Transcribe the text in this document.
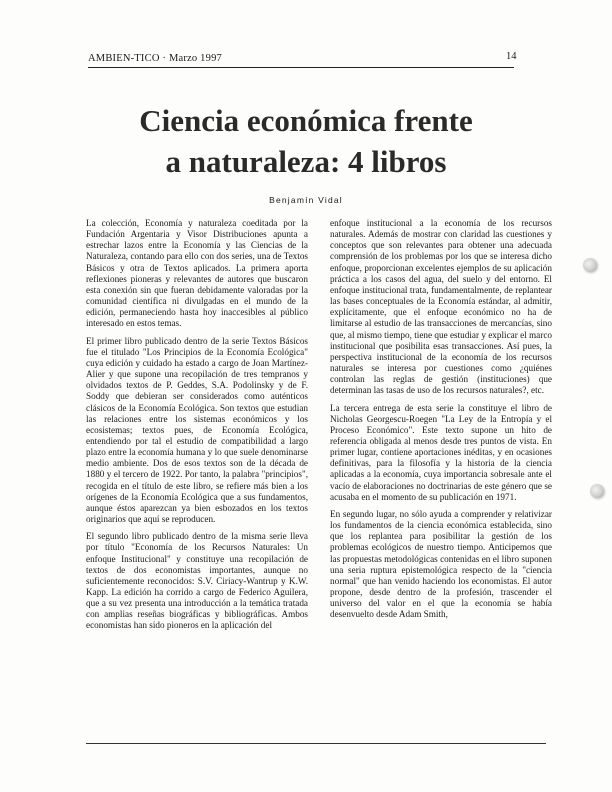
AMBIEN-TICO · Marzo 1997	14
Ciencia económica frente
a naturaleza: 4 libros
Benjamín Vidal

La colección, Economía y naturaleza coeditada por la Fundación Argentaria y Visor Distribuciones apunta a estrechar lazos entre la Economía y las Ciencias de la Naturaleza, contando para ello con dos series, una de Textos Básicos y otra de Textos aplicados. La primera aporta reflexiones pioneras y relevantes de autores que buscaron esta conexión sin que fueran debidamente valoradas por la comunidad científica ni divulgadas en el mundo de la edición, permaneciendo hasta hoy inaccesibles al público interesado en estos temas.

El primer libro publicado dentro de la serie Textos Básicos fue el titulado "Los Principios de la Economía Ecológica" cuya edición y cuidado ha estado a cargo de Joan Martínez-Alier y que supone una recopilación de tres tempranos y olvidados textos de P. Geddes, S.A. Podolinsky y de F. Soddy que debieran ser considerados como auténticos clásicos de la Economía Ecológica. Son textos que estudian las relaciones entre los sistemas económicos y los ecosistemas; textos pues, de Economía Ecológica, entendiendo por tal el estudio de compatibilidad a largo plazo entre la economía humana y lo que suele denominarse medio ambiente. Dos de esos textos son de la década de 1880 y el tercero de 1922. Por tanto, la palabra "principios", recogida en el título de este libro, se refiere más bien a los orígenes de la Economía Ecológica que a sus fundamentos, aunque éstos aparezcan ya bien esbozados en los textos originarios que aquí se reproducen.

El segundo libro publicado dentro de la misma serie lleva por título "Economía de los Recursos Naturales: Un enfoque Institucional" y constituye una recopilación de textos de dos economistas importantes, aunque no suficientemente reconocidos: S.V. Ciriacy-Wantrup y K.W. Kapp. La edición ha corrido a cargo de Federico Aguilera, que a su vez presenta una introducción a la temática tratada con amplias reseñas biográficas y bibliográficas. Ambos economistas han sido pioneros en la aplicación del

enfoque institucional a la economía de los recursos naturales. Además de mostrar con claridad las cuestiones y conceptos que son relevantes para obtener una adecuada comprensión de los problemas por los que se interesa dicho enfoque, proporcionan excelentes ejemplos de su aplicación práctica a los casos del agua, del suelo y del entorno. El enfoque institucional trata, fundamentalmente, de replantear las bases conceptuales de la Economía estándar, al admitir, explícitamente, que el enfoque económico no ha de limitarse al estudio de las transacciones de mercancías, sino que, al mismo tiempo, tiene que estudiar y explicar el marco institucional que posibilita esas transacciones. Así pues, la perspectiva institucional de la economía de los recursos naturales se interesa por cuestiones como ¿quiénes controlan las reglas de gestión (instituciones) que determinan las tasas de uso de los recursos naturales?, etc.

La tercera entrega de esta serie la constituye el libro de Nicholas Georgescu-Roegen "La Ley de la Entropía y el Proceso Económico". Este texto supone un hito de referencia obligada al menos desde tres puntos de vista. En primer lugar, contiene aportaciones inéditas, y en ocasiones definitivas, para la filosofía y la historia de la ciencia aplicadas a la economía, cuya importancia sobresale ante el vacío de elaboraciones no doctrinarias de este género que se acusaba en el momento de su publicación en 1971.

En segundo lugar, no sólo ayuda a comprender y relativizar los fundamentos de la ciencia económica establecida, sino que los replantea para posibilitar la gestión de los problemas ecológicos de nuestro tiempo. Anticipemos que las propuestas metodológicas contenidas en el libro suponen una seria ruptura epistemológica respecto de la "ciencia normal" que han venido haciendo los economistas. El autor propone, desde dentro de la profesión, trascender el universo del valor en el que la economía se había desenvuelto desde Adam Smith,
